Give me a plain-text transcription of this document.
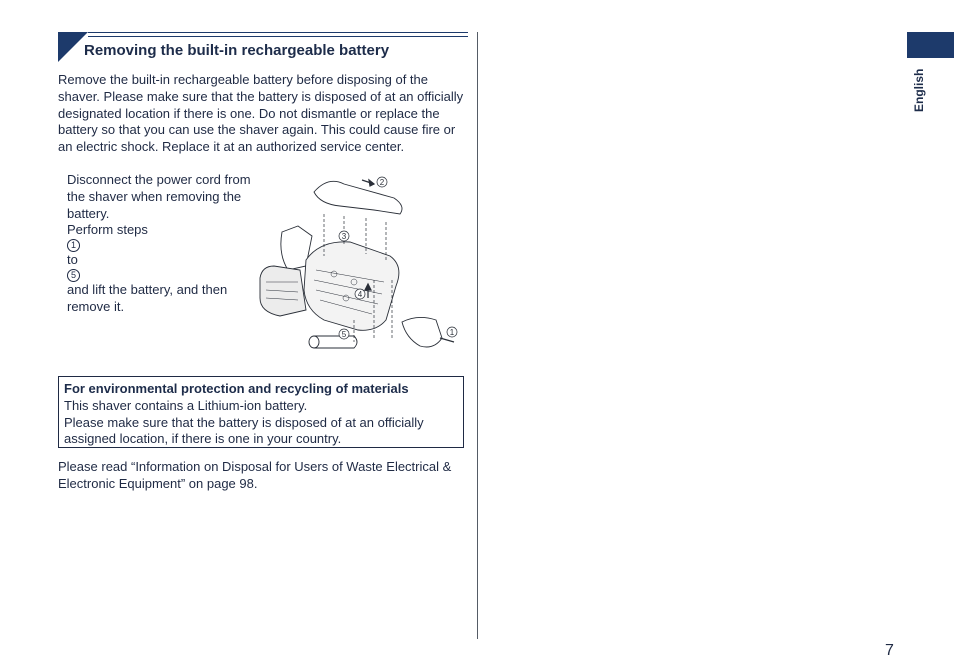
Removing the built-in rechargeable battery
Remove the built-in rechargeable battery before disposing of the shaver. Please make sure that the battery is disposed of at an officially designated location if there is one. Do not dismantle or replace the battery so that you can use the shaver again. This could cause fire or an electric shock. Replace it at an authorized service center.
Disconnect the power cord from the shaver when removing the battery.
Perform steps
1
to
5
and lift the battery, and then remove it.
2
3
4
1
5
For environmental protection and recycling of materials
This shaver contains a Lithium-ion battery.
Please make sure that the battery is disposed of at an officially assigned location, if there is one in your country.
Please read “Information on Disposal for Users of Waste Electrical & Electronic Equipment” on page 98.
English
7
